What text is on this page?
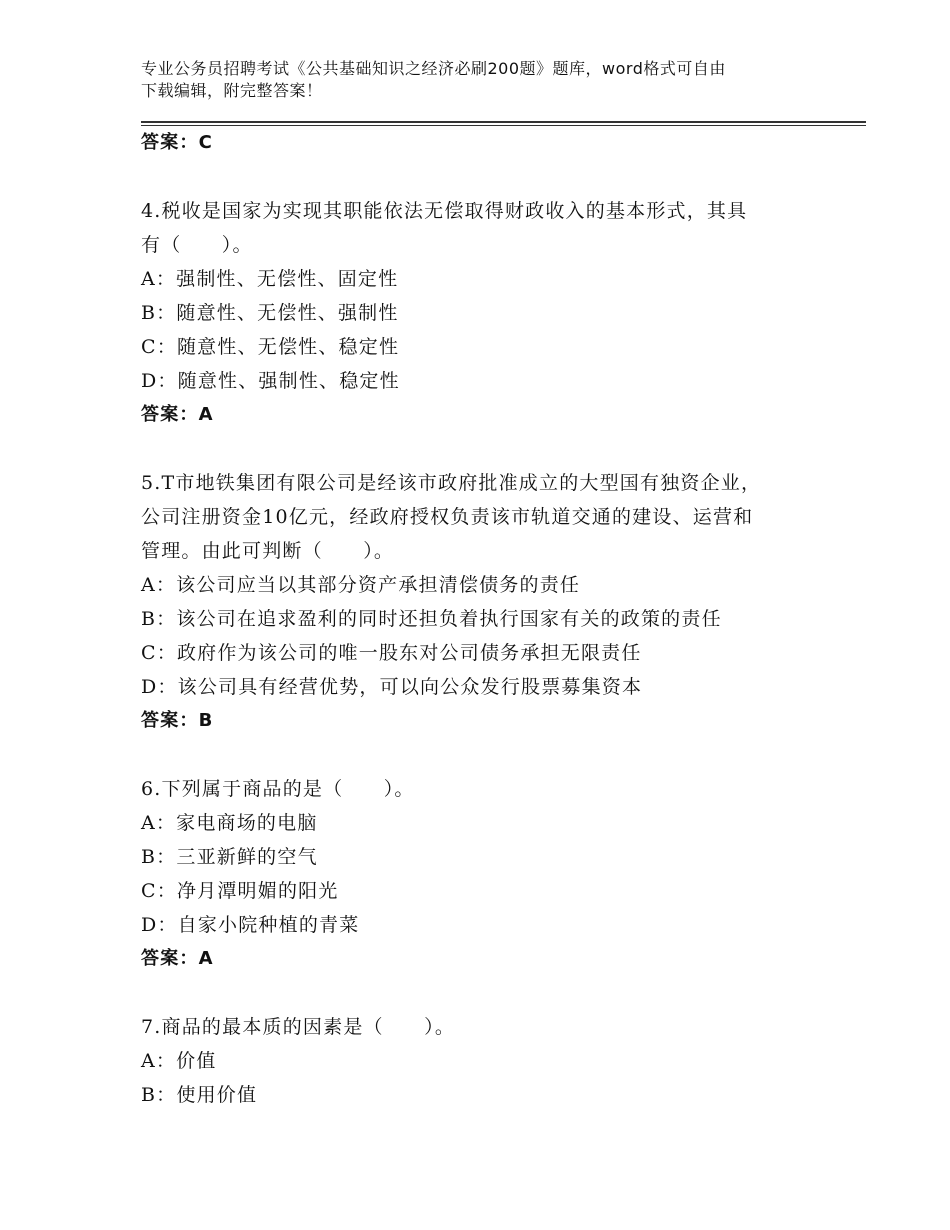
专业公务员招聘考试《公共基础知识之经济必刷200题》题库，word格式可自由
下载编辑，附完整答案！
答案：C
4.税收是国家为实现其职能依法无偿取得财政收入的基本形式，其具
有（　　）。
A：强制性、无偿性、固定性
B：随意性、无偿性、强制性
C：随意性、无偿性、稳定性
D：随意性、强制性、稳定性
答案：A
5.T市地铁集团有限公司是经该市政府批准成立的大型国有独资企业，
公司注册资金10亿元，经政府授权负责该市轨道交通的建设、运营和
管理。由此可判断（　　）。
A：该公司应当以其部分资产承担清偿债务的责任
B：该公司在追求盈利的同时还担负着执行国家有关的政策的责任
C：政府作为该公司的唯一股东对公司债务承担无限责任
D：该公司具有经营优势，可以向公众发行股票募集资本
答案：B
6.下列属于商品的是（　　）。
A：家电商场的电脑
B：三亚新鲜的空气
C：净月潭明媚的阳光
D：自家小院种植的青菜
答案：A
7.商品的最本质的因素是（　　）。
A：价值
B：使用价值
